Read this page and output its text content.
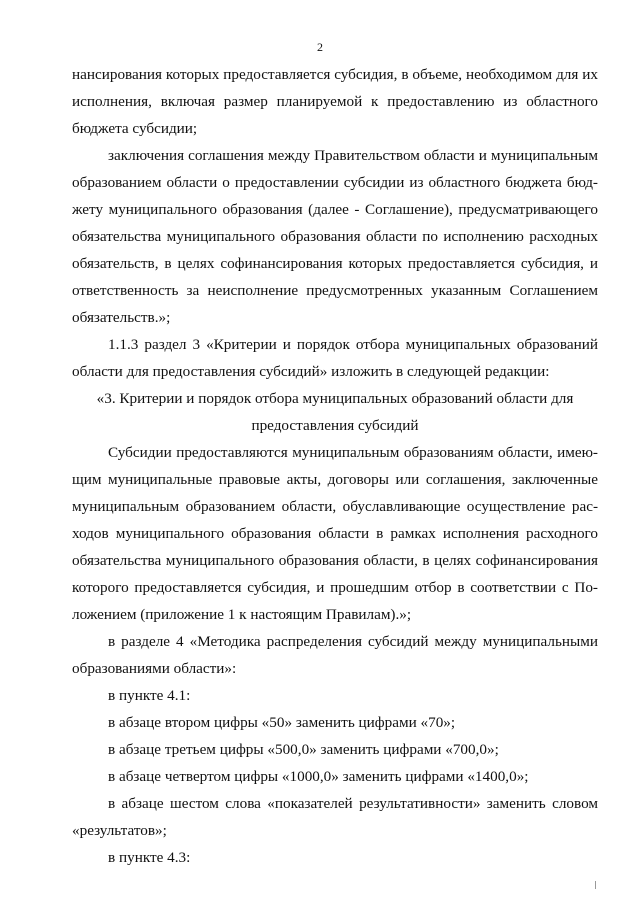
2
нансирования которых предоставляется субсидия, в объеме, необходимом для их
исполнения, включая размер планируемой к предоставлению из областного
бюджета субсидии;
заключения соглашения между Правительством области и муниципальным
образованием области о предоставлении субсидии из областного бюджета бюд-
жету муниципального образования (далее - Соглашение), предусматривающего
обязательства муниципального образования области по исполнению расходных
обязательств, в целях софинансирования которых предоставляется субсидия, и
ответственность за неисполнение предусмотренных указанным Соглашением
обязательств.»;
1.1.3 раздел 3 «Критерии и порядок отбора муниципальных образований
области для предоставления субсидий» изложить в следующей редакции:
«3. Критерии и порядок отбора муниципальных образований области для
предоставления субсидий
Субсидии предоставляются муниципальным образованиям области, имею-
щим муниципальные правовые акты, договоры или соглашения, заключенные
муниципальным образованием области, обуславливающие осуществление рас-
ходов муниципального образования области в рамках исполнения расходного
обязательства муниципального образования области, в целях софинансирования
которого предоставляется субсидия, и прошедшим отбор в соответствии с По-
ложением (приложение 1 к настоящим Правилам).»;
в разделе 4 «Методика распределения субсидий между муниципальными
образованиями области»:
в пункте 4.1:
в абзаце втором цифры «50» заменить цифрами «70»;
в абзаце третьем цифры «500,0» заменить цифрами «700,0»;
в абзаце четвертом цифры «1000,0» заменить цифрами «1400,0»;
в абзаце шестом слова «показателей результативности» заменить словом
«результатов»;
в пункте 4.3:
